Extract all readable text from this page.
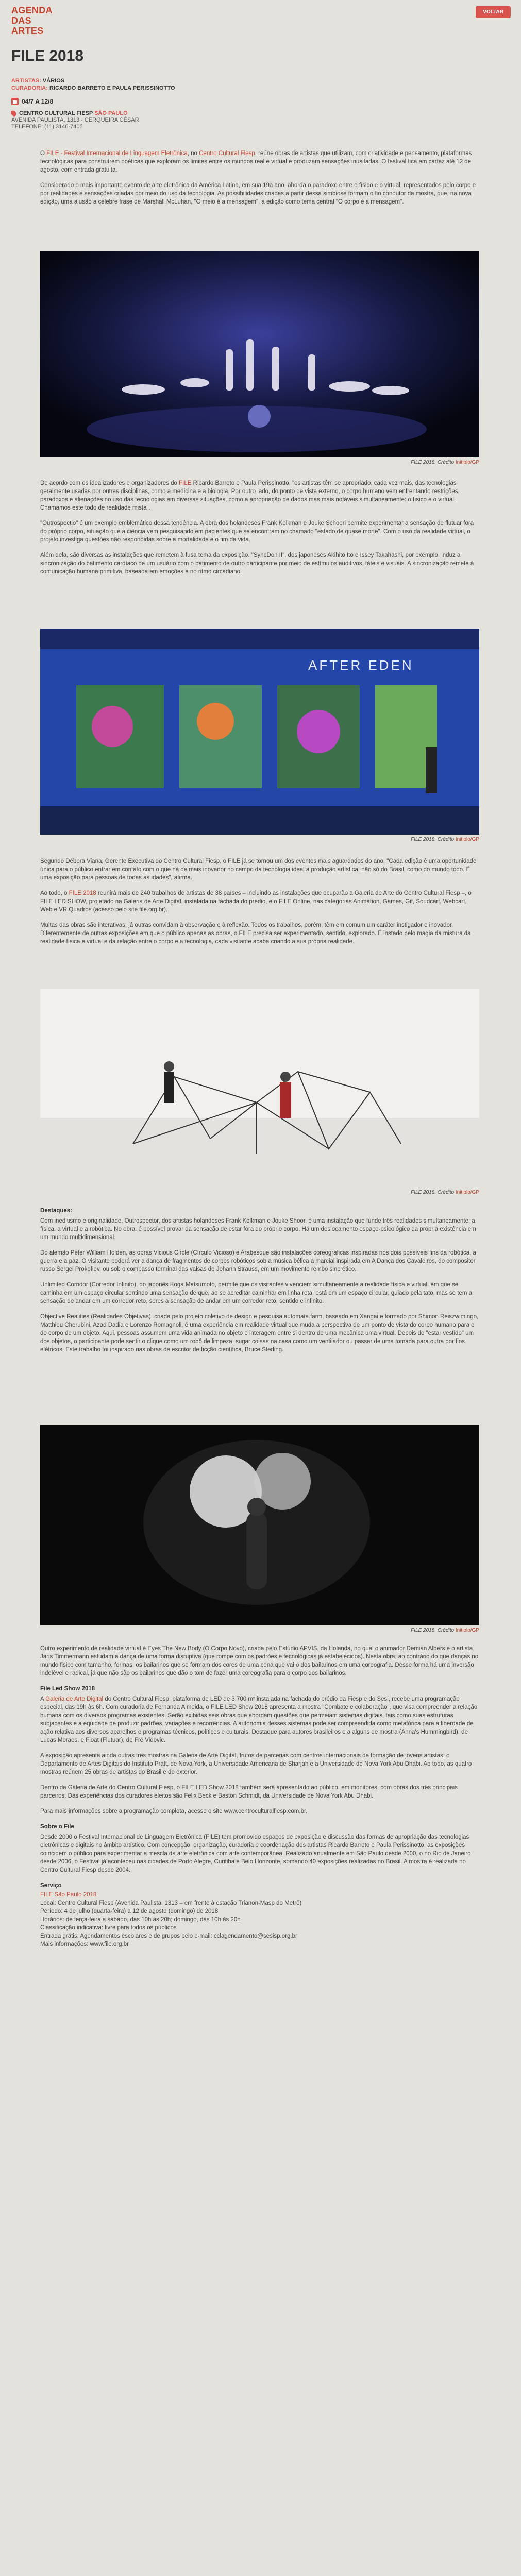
AGENDA DAS ARTES
VOLTAR
FILE 2018
ARTISTAS: VÁRIOS
CURADORIA: RICARDO BARRETO E PAULA PERISSINOTTO
04/7 A 12/8
CENTRO CULTURAL FIESP SÃO PAULO
AVENIDA PAULISTA, 1313 - CERQUEIRA CÉSAR
TELEFONE: (11) 3146-7405

O FILE - Festival Internacional de Linguagem Eletrônica, no Centro Cultural Fiesp, reúne obras de artistas que utilizam, com criatividade e pensamento, plataformas tecnológicas para construírem poéticas que exploram os limites entre os mundos real e virtual e produzam sensações inusitadas. O festival fica em cartaz até 12 de agosto, com entrada gratuita.

Considerado o mais importante evento de arte eletrônica da América Latina, em sua 19a ano, aborda o paradoxo entre o físico e o virtual, representados pelo corpo e por realidades e sensações criadas por meio do uso da tecnologia. As possibilidades criadas a partir dessa simbiose formam o fio condutor da mostra, que, na nova edição, uma alusão a célebre frase de Marshall McLuhan, "O meio é a mensagem", a edição como tema central "O corpo é a mensagem".

FILE 2018. Crédito Initiolo/GP

De acordo com os idealizadores e organizadores do FILE Ricardo Barreto e Paula Perissinotto, "os artistas têm se apropriado, cada vez mais, das tecnologias geralmente usadas por outras disciplinas, como a medicina e a biologia. Por outro lado, do ponto de vista externo, o corpo humano vem enfrentando restrições, paradoxos e alienações no uso das tecnologias em diversas situações, como a apropriação de dados mas mais notáveis simultaneamente: o físico e o virtual. Chamamos este todo de realidade mista".

"Outrospectio" é um exemplo emblemático dessa tendência. A obra dos holandeses Frank Kolkman e Jouke Schoorl permite experimentar a sensação de flutuar fora do próprio corpo, situação que a ciência vem pesquisando em pacientes que se encontram no chamado "estado de quase morte". Com o uso da realidade virtual, o projeto investiga questões não respondidas sobre a mortalidade e o fim da vida.

Além dela, são diversas as instalações que remetem à fusa tema da exposição. "SyncDon II", dos japoneses Akihito Ito e Issey Takahashi, por exemplo, induz a sincronização do batimento cardíaco de um usuário com o batimento de outro participante por meio de estímulos auditivos, táteis e visuais. A sincronização remete à comunicação humana primitiva, baseada em emoções e no ritmo circadiano.

AFTER EDEN
FILE 2018. Crédito Initiolo/GP

Segundo Débora Viana, Gerente Executiva do Centro Cultural Fiesp, o FILE já se tornou um dos eventos mais aguardados do ano. "Cada edição é uma oportunidade única para o público entrar em contato com o que há de mais inovador no campo da tecnologia ideal a produção artística, não só do Brasil, como do mundo todo. É uma exposição para pessoas de todas as idades", afirma.

Ao todo, o FILE 2018 reunirá mais de 240 trabalhos de artistas de 38 países – incluindo as instalações que ocuparão a Galeria de Arte do Centro Cultural Fiesp –, o FILE LED SHOW, projetado na Galeria de Arte Digital, instalada na fachada do prédio, e o FILE Online, nas categorias Animation, Games, Gif, Soudcart, Webcart, Web e VR Quadros (acesso pelo site file.org.br).

Muitas das obras são interativas, já outras convidam à observação e à reflexão. Todos os trabalhos, porém, têm em comum um caráter instigador e inovador. Diferentemente de outras exposições em que o público apenas as obras, o FILE precisa ser experimentado, sentido, explorado. É instado pelo magia da mistura da realidade física e virtual e da relação entre o corpo e a tecnologia, cada visitante acaba criando a sua própria realidade.

FILE 2018. Crédito Initiolo/GP

Destaques:

Com ineditismo e originalidade, Outrospector, dos artistas holandeses Frank Kolkman e Jouke Shoor, é uma instalação que funde três realidades simultaneamente: a física, a virtual e a robótica. No obra, é possível provar da sensação de estar fora do próprio corpo. Há um deslocamento espaço-psicológico da própria existência em um mundo multidimensional.

Do alemão Peter William Holden, as obras Vicious Circle (Círculo Vicioso) e Arabesque são instalações coreográficas inspiradas nos dois possíveis fins da robótica, a guerra e a paz. O visitante poderá ver a dança de fragmentos de corpos robóticos sob a música bélica a marcial inspirada em A Dança dos Cavaleiros, do compositor russo Sergei Prokofiev, ou sob o compasso terminal das valsas de Johann Strauss, em um movimento rembo sincrético.

Unlimited Corridor (Corredor Infinito), do japonês Koga Matsumoto, permite que os visitantes vivenciem simultaneamente a realidade física e virtual, em que se caminha em um espaço circular sentindo uma sensação de que, ao se acreditar caminhar em linha reta, está em um espaço circular, guiado pela tato, mas se tem a sensação de andar em um corredor reto, seres a sensação de andar em um corredor reto, sentido e infinito.

Objective Realities (Realidades Objetivas), criada pelo projeto coletivo de design e pesquisa automata.farm, baseado em Xangai e formado por Shimon Reiszwimingo, Matthieu Cherubini, Azad Dadia e Lorenzo Romagnoli, é uma experiência em realidade virtual que muda a perspectiva de um ponto de vista do corpo humano para o do corpo de um objeto. Aqui, pessoas assumem uma vida animada no objeto e interagem entre si dentro de uma mecânica uma virtual. Depois de "estar vestido" um dos objetos, o participante pode sentir o clique como um robô de limpeza, sugar coisas na casa como um ventilador ou passar de uma tomada para outra por fios elétricos. Este trabalho foi inspirado nas obras de escritor de ficção científica, Bruce Sterling.

FILE 2018. Crédito Initiolo/GP

Outro experimento de realidade virtual é Eyes The New Body (O Corpo Novo), criada pelo Estúdio APVIS, da Holanda, no qual o animador Demian Albers e o artista Jaris Timmermann estudam a dança de uma forma disruptiva (que rompe com os padrões e tecnológicas já estabelecidos). Nesta obra, ao contrário do que danças no mundo fisico com tamanho, formas, os bailarinos que se formam dos cores de uma cena que vai o dos bailarinos em uma coreografia. Desse forma há uma inversão indelével e radical, já que não são os bailarinos que dão o tom de fazer uma coreografia para o corpo dos bailarinos.

File Led Show 2018

A Galeria de Arte Digital do Centro Cultural Fiesp, plataforma de LED de 3.700 m² instalada na fachada do prédio da Fiesp e do Sesi, recebe uma programação especial, das 19h às 6h. Com curadoria de Fernanda Almeida, o FILE LED Show 2018 apresenta a mostra "Combate e colaboração", que visa compreender a relação humana com os diversos programas existentes. Serão exibidas seis obras que abordam questões que permeiam sistemas digitais, tais como suas estruturas subjacentes e a equidade de produzir padrões, variações e recorrências. A autonomia desses sistemas pode ser compreendida como metafórica para a liberdade de ação relativa aos diversos aparelhos e programas técnicos, políticos e culturais. Destaque para autores brasileiros e a alguns de mostra (Anna's Hummingbird), de Lucas Moraes, e Float (Flutuar), de Fré Vidovic.

A exposição apresenta ainda outras três mostras na Galeria de Arte Digital, frutos de parcerias com centros internacionais de formação de jovens artistas: o Departamento de Artes Digitais do Instituto Pratt, de Nova York, a Universidade Americana de Sharjah e a Universidade de Nova York Abu Dhabi. Ao todo, as quatro mostras reúnem 25 obras de artistas do Brasil e do exterior.

Dentro da Galeria de Arte do Centro Cultural Fiesp, o FILE LED Show 2018 também será apresentado ao público, em monitores, com obras dos três principais parceiros. Das experiências dos curadores eleitos são Felix Beck e Baston Schmidt, da Universidade de Nova York Abu Dhabi.

Para mais informações sobre a programação completa, acesse o site www.centroculturalfiesp.com.br.

Sobre o File

Desde 2000 o Festival Internacional de Linguagem Eletrônica (FILE) tem promovido espaços de exposição e discussão das formas de apropriação das tecnologias eletrônicas e digitais no âmbito artístico. Com concepção, organização, curadoria e coordenação dos artistas Ricardo Barreto e Paula Perissinotto, as exposições coincidem o público para experimentar a mescla da arte eletrônica com arte contemporânea. Realizado anualmente em São Paulo desde 2000, o no Rio de Janeiro desde 2006, o Festival já aconteceu nas cidades de Porto Alegre, Curitiba e Belo Horizonte, somando 40 exposições realizadas no Brasil. A mostra é realizada no Centro Cultural Fiesp desde 2004.

Serviço

FILE São Paulo 2018
Local: Centro Cultural Fiesp (Avenida Paulista, 1313 – em frente à estação Trianon-Masp do Metrô)
Período: 4 de julho (quarta-feira) a 12 de agosto (domingo) de 2018
Horários: de terça-feira a sábado, das 10h às 20h; domingo, das 10h às 20h
Classificação indicativa: livre para todos os públicos
Entrada grátis. Agendamentos escolares e de grupos pelo e-mail: cclagendamento@sesisp.org.br
Mais informações: www.file.org.br
